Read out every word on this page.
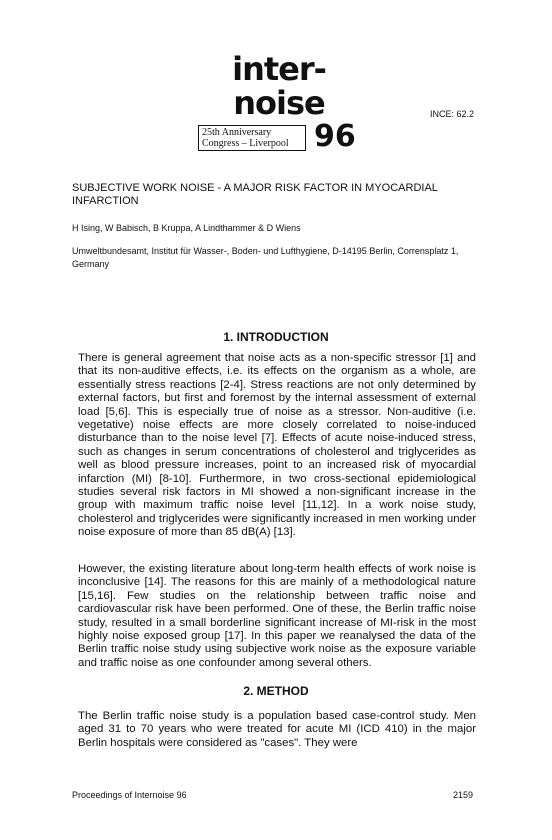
inter-noise
25th Anniversary
Congress – Liverpool 96
INCE: 62.2
SUBJECTIVE WORK NOISE - A MAJOR RISK FACTOR IN MYOCARDIAL INFARCTION
H Ising, W Babisch, B Kruppa, A Lindthammer & D Wiens
Umweltbundesamt, Institut für Wasser-, Boden- und Lufthygiene, D-14195 Berlin, Corrensplatz 1, Germany
1. INTRODUCTION

There is general agreement that noise acts as a non-specific stressor [1] and that its non-auditive effects, i.e. its effects on the organism as a whole, are essentially stress reactions [2-4]. Stress reactions are not only determined by external factors, but first and foremost by the internal assessment of external load [5,6]. This is especially true of noise as a stressor. Non-auditive (i.e. vegetative) noise effects are more closely correlated to noise-induced disturbance than to the noise level [7]. Effects of acute noise-induced stress, such as changes in serum concentrations of cholesterol and triglycerides as well as blood pressure increases, point to an increased risk of myocardial infarction (MI) [8-10]. Furthermore, in two cross-sectional epidemiological studies several risk factors in MI showed a non-significant increase in the group with maximum traffic noise level [11,12]. In a work noise study, cholesterol and triglycerides were significantly increased in men working under noise exposure of more than 85 dB(A) [13].

However, the existing literature about long-term health effects of work noise is inconclusive [14]. The reasons for this are mainly of a methodological nature [15,16]. Few studies on the relationship between traffic noise and cardiovascular risk have been performed. One of these, the Berlin traffic noise study, resulted in a small borderline significant increase of MI-risk in the most highly noise exposed group [17]. In this paper we reanalysed the data of the Berlin traffic noise study using subjective work noise as the exposure variable and traffic noise as one confounder among several others.

2. METHOD

The Berlin traffic noise study is a population based case-control study. Men aged 31 to 70 years who were treated for acute MI (ICD 410) in the major Berlin hospitals were considered as "cases". They were

Proceedings of Internoise 96	2159
